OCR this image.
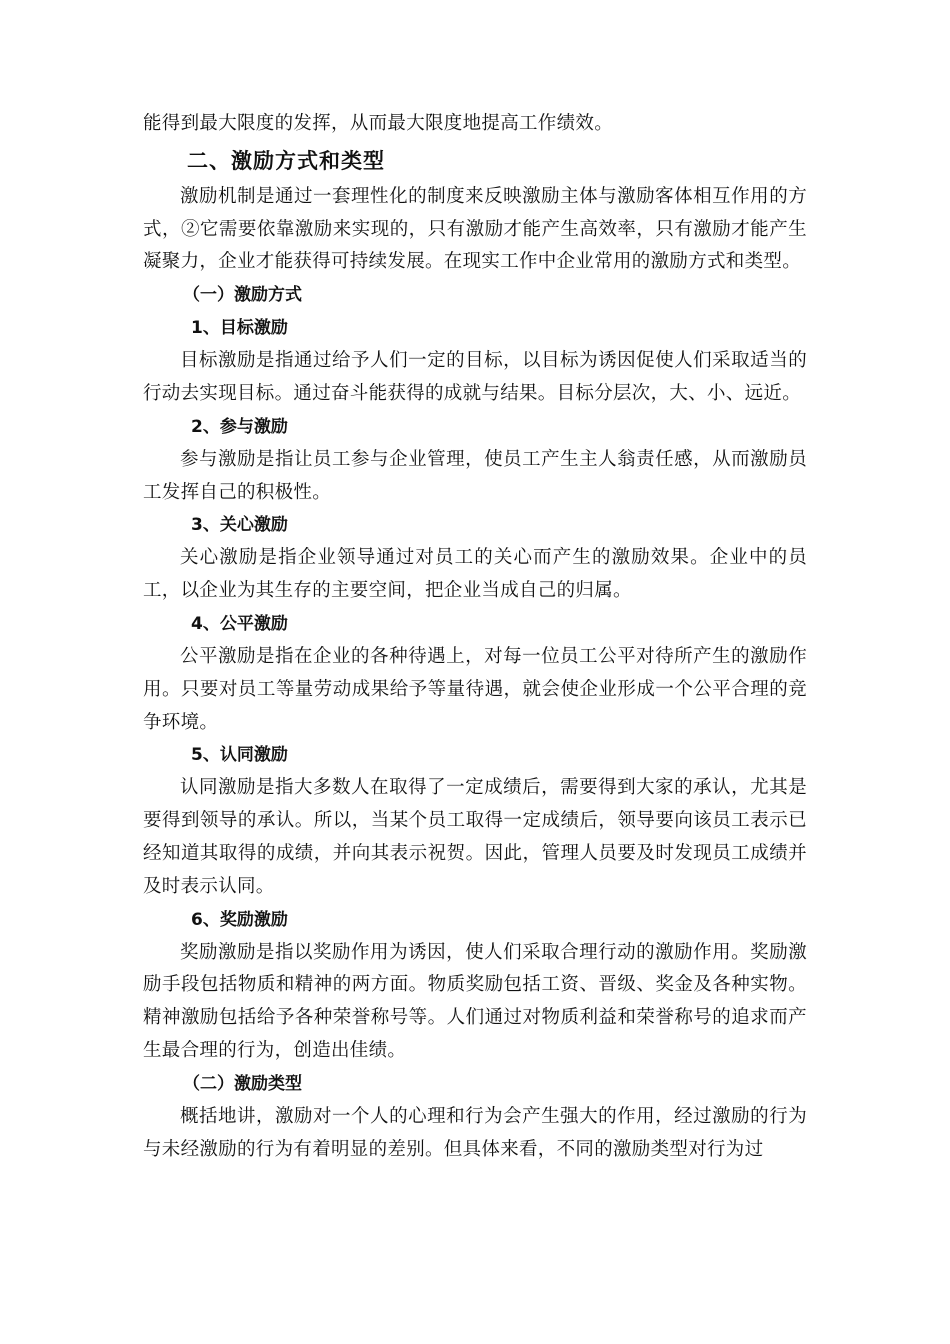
能得到最大限度的发挥，从而最大限度地提高工作绩效。

二、激励方式和类型

激励机制是通过一套理性化的制度来反映激励主体与激励客体相互作用的方式，②它需要依靠激励来实现的，只有激励才能产生高效率，只有激励才能产生凝聚力，企业才能获得可持续发展。在现实工作中企业常用的激励方式和类型。

（一）激励方式
1、目标激励

目标激励是指通过给予人们一定的目标，以目标为诱因促使人们采取适当的行动去实现目标。通过奋斗能获得的成就与结果。目标分层次，大、小、远近。

2、参与激励

参与激励是指让员工参与企业管理，使员工产生主人翁责任感，从而激励员工发挥自己的积极性。

3、关心激励

关心激励是指企业领导通过对员工的关心而产生的激励效果。企业中的员工，以企业为其生存的主要空间，把企业当成自己的归属。

4、公平激励

公平激励是指在企业的各种待遇上，对每一位员工公平对待所产生的激励作用。只要对员工等量劳动成果给予等量待遇，就会使企业形成一个公平合理的竞争环境。

5、认同激励

认同激励是指大多数人在取得了一定成绩后，需要得到大家的承认，尤其是要得到领导的承认。所以，当某个员工取得一定成绩后，领导要向该员工表示已经知道其取得的成绩，并向其表示祝贺。因此，管理人员要及时发现员工成绩并及时表示认同。

6、奖励激励

奖励激励是指以奖励作用为诱因，使人们采取合理行动的激励作用。奖励激励手段包括物质和精神的两方面。物质奖励包括工资、晋级、奖金及各种实物。精神激励包括给予各种荣誉称号等。人们通过对物质利益和荣誉称号的追求而产生最合理的行为，创造出佳绩。

（二）激励类型

概括地讲，激励对一个人的心理和行为会产生强大的作用，经过激励的行为与未经激励的行为有着明显的差别。但具体来看，不同的激励类型对行为过
